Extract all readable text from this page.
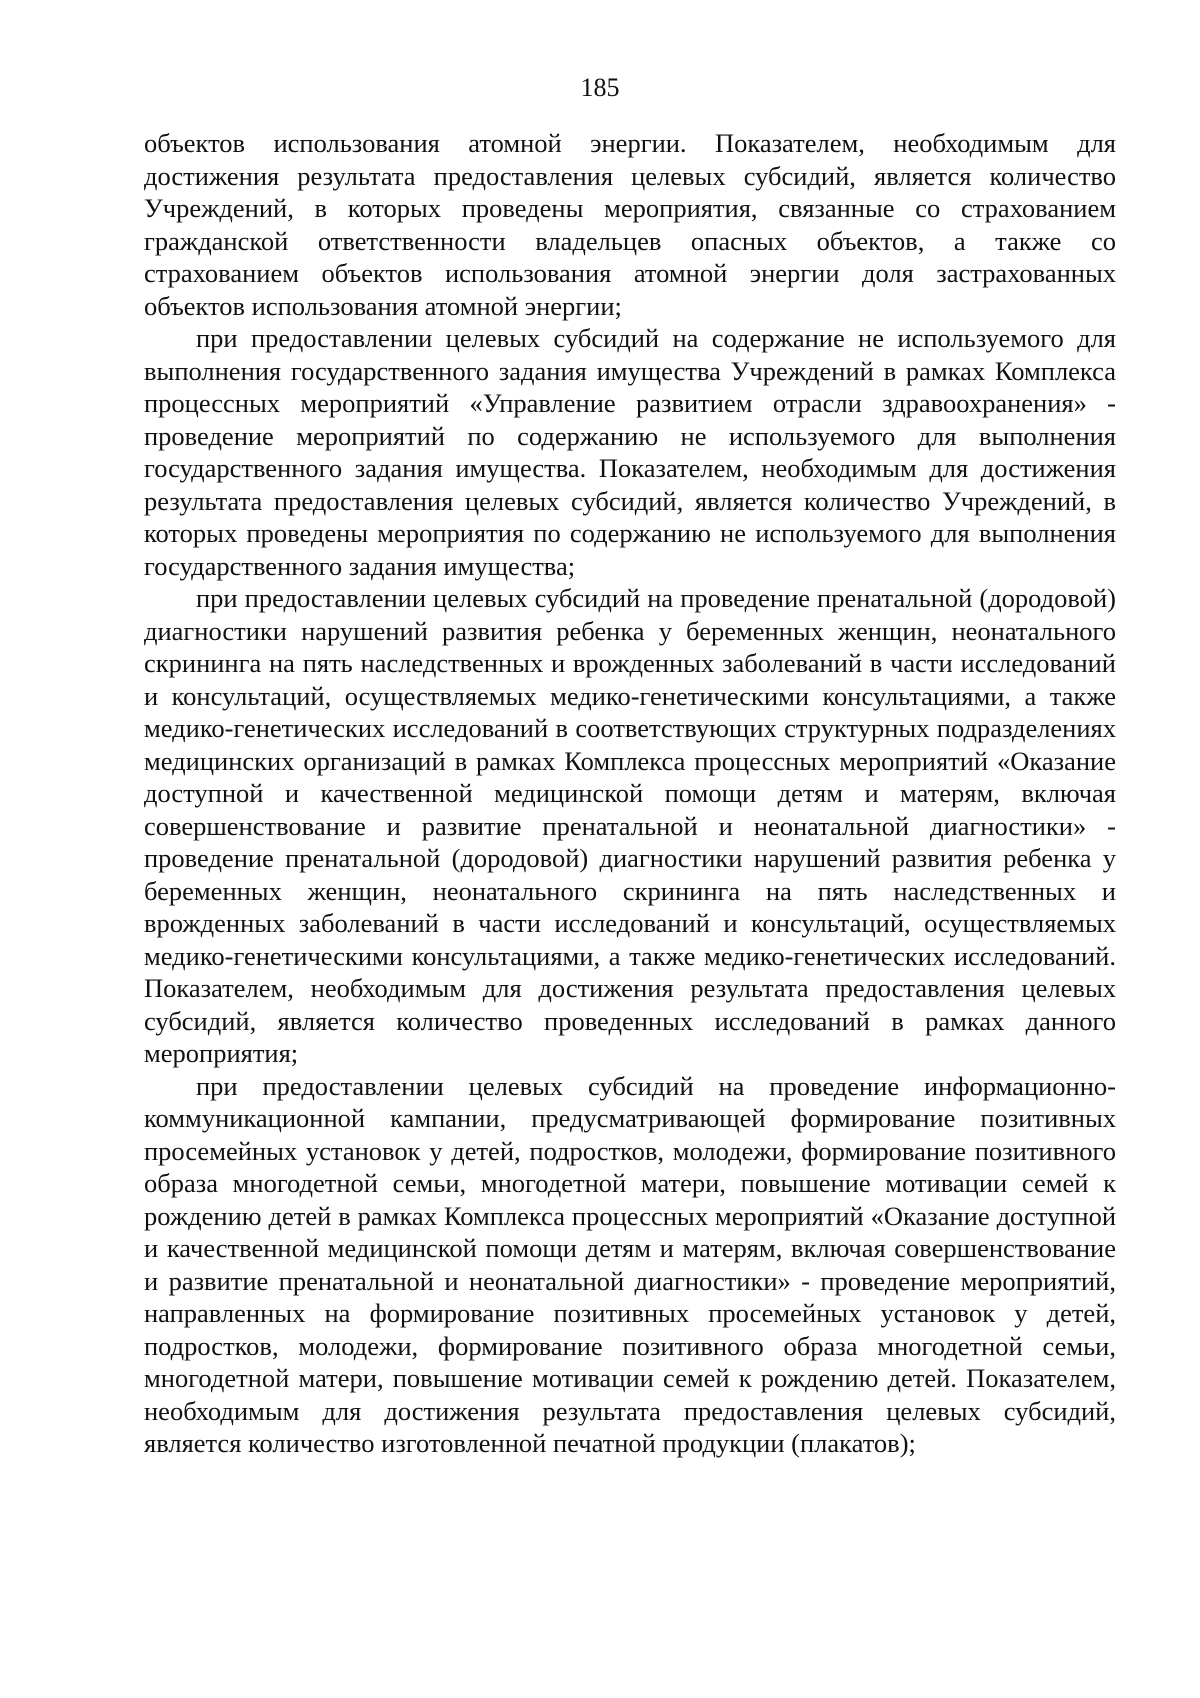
185

объектов использования атомной энергии. Показателем, необходимым для достижения результата предоставления целевых субсидий, является количество Учреждений, в которых проведены мероприятия, связанные со страхованием гражданской ответственности владельцев опасных объектов, а также со страхованием объектов использования атомной энергии доля застрахованных объектов использования атомной энергии;

при предоставлении целевых субсидий на содержание не используемого для выполнения государственного задания имущества Учреждений в рамках Комплекса процессных мероприятий «Управление развитием отрасли здравоохранения» - проведение мероприятий по содержанию не используемого для выполнения государственного задания имущества. Показателем, необходимым для достижения результата предоставления целевых субсидий, является количество Учреждений, в которых проведены мероприятия по содержанию не используемого для выполнения государственного задания имущества;

при предоставлении целевых субсидий на проведение пренатальной (дородовой) диагностики нарушений развития ребенка у беременных женщин, неонатального скрининга на пять наследственных и врожденных заболеваний в части исследований и консультаций, осуществляемых медико-генетическими консультациями, а также медико-генетических исследований в соответствующих структурных подразделениях медицинских организаций в рамках Комплекса процессных мероприятий «Оказание доступной и качественной медицинской помощи детям и матерям, включая совершенствование и развитие пренатальной и неонатальной диагностики» - проведение пренатальной (дородовой) диагностики нарушений развития ребенка у беременных женщин, неонатального скрининга на пять наследственных и врожденных заболеваний в части исследований и консультаций, осуществляемых медико-генетическими консультациями, а также медико-генетических исследований. Показателем, необходимым для достижения результата предоставления целевых субсидий, является количество проведенных исследований в рамках данного мероприятия;

при предоставлении целевых субсидий на проведение информационно-коммуникационной кампании, предусматривающей формирование позитивных просемейных установок у детей, подростков, молодежи, формирование позитивного образа многодетной семьи, многодетной матери, повышение мотивации семей к рождению детей в рамках Комплекса процессных мероприятий «Оказание доступной и качественной медицинской помощи детям и матерям, включая совершенствование и развитие пренатальной и неонатальной диагностики» - проведение мероприятий, направленных на формирование позитивных просемейных установок у детей, подростков, молодежи, формирование позитивного образа многодетной семьи, многодетной матери, повышение мотивации семей к рождению детей. Показателем, необходимым для достижения результата предоставления целевых субсидий, является количество изготовленной печатной продукции (плакатов);
